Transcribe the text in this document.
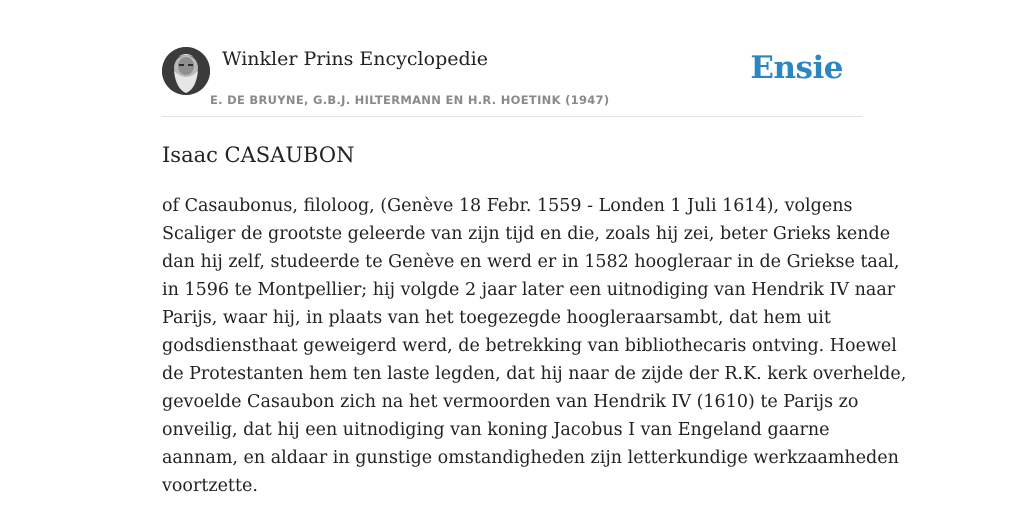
Winkler Prins Encyclopedie
E. DE BRUYNE, G.B.J. HILTERMANN EN H.R. HOETINK (1947)
Ensie
Isaac CASAUBON

of Casaubonus, filoloog, (Genève 18 Febr. 1559 - Londen 1 Juli 1614), volgens
Scaliger de grootste geleerde van zijn tijd en die, zoals hij zei, beter Grieks kende
dan hij zelf, studeerde te Genève en werd er in 1582 hoogleraar in de Griekse taal,
in 1596 te Montpellier; hij volgde 2 jaar later een uitnodiging van Hendrik IV naar
Parijs, waar hij, in plaats van het toegezegde hoogleraarsambt, dat hem uit
godsdiensthaat geweigerd werd, de betrekking van bibliothecaris ontving. Hoewel
de Protestanten hem ten laste legden, dat hij naar de zijde der R.K. kerk overhelde,
gevoelde Casaubon zich na het vermoorden van Hendrik IV (1610) te Parijs zo
onveilig, dat hij een uitnodiging van koning Jacobus I van Engeland gaarne
aannam, en aldaar in gunstige omstandigheden zijn letterkundige werkzaamheden
voortzette.
